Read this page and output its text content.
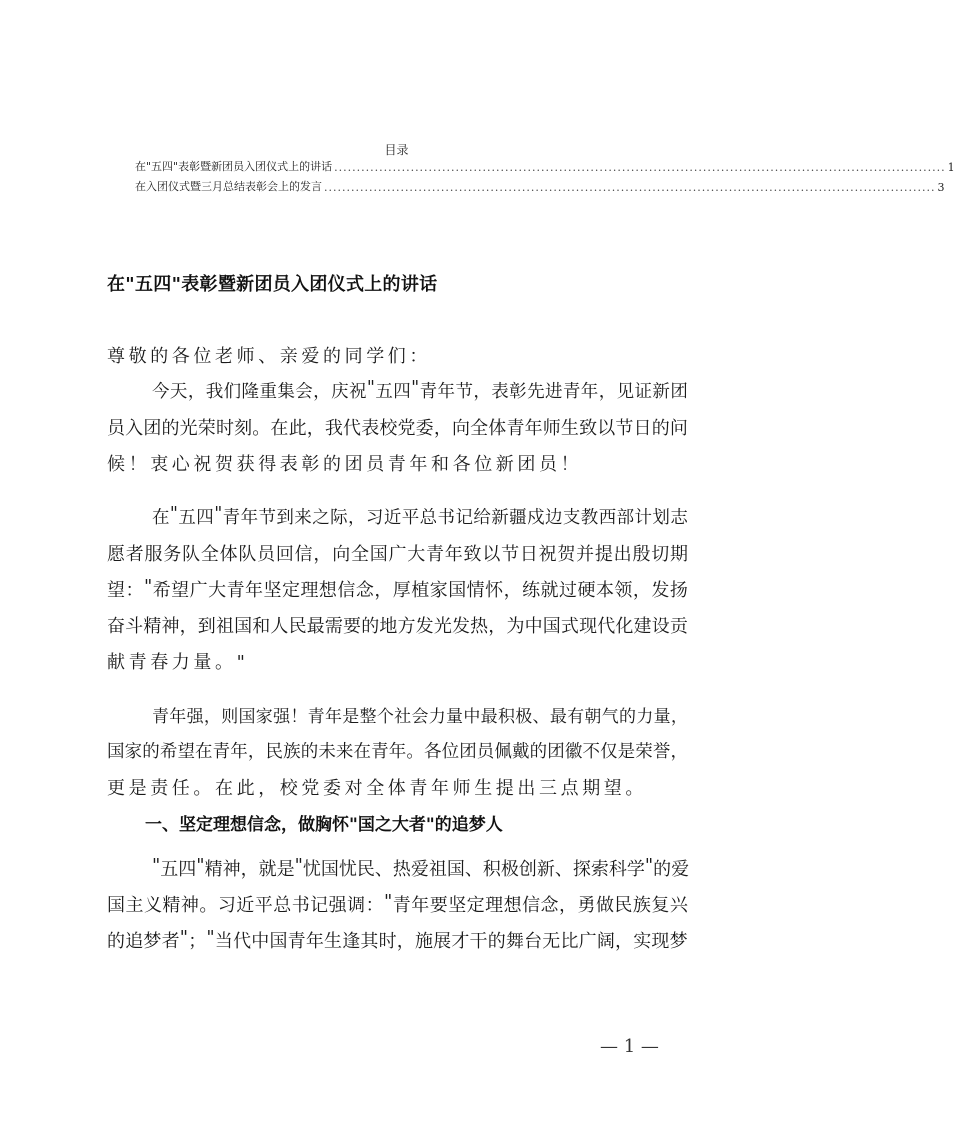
目录
在"五四"表彰暨新团员入团仪式上的讲话 ........................................................................................................................................ 1
在入团仪式暨三月总结表彰会上的发言 ........................................................................................................................................ 3
在"五四"表彰暨新团员入团仪式上的讲话
尊敬的各位老师、亲爱的同学们：
今 天 ， 我 们 隆 重 集 会 ， 庆 祝 " 五 四 " 青 年 节 ， 表 彰 先 进 青 年 ， 见 证 新 团
员 入 团 的 光 荣 时 刻 。 在 此 ， 我 代 表 校 党 委 ， 向 全 体 青 年 师 生 致 以 节 日 的 问
候！衷心祝贺获得表彰的团员青年和各位新团员！
在 " 五 四 " 青 年 节 到 来 之 际 ， 习 近 平 总 书 记 给 新 疆 戍 边 支 教 西 部 计 划 志
愿 者 服 务 队 全 体 队 员 回 信 ， 向 全 国 广 大 青 年 致 以 节 日 祝 贺 并 提 出 殷 切 期
望 ： " 希 望 广 大 青 年 坚 定 理 想 信 念 ， 厚 植 家 国 情 怀 ， 练 就 过 硬 本 领 ， 发 扬
奋 斗 精 神 ， 到 祖 国 和 人 民 最 需 要 的 地 方 发 光 发 热 ， 为 中 国 式 现 代 化 建 设 贡
献青春力量。"
青 年 强 ， 则 国 家 强 ！ 青 年 是 整 个 社 会 力 量 中 最 积 极 、 最 有 朝 气 的 力 量 ，
国 家 的 希 望 在 青 年 ， 民 族 的 未 来 在 青 年 。 各 位 团 员 佩 戴 的 团 徽 不 仅 是 荣 誉 ，
更是责任。在此，校党委对全体青年师生提出三点期望。
一、坚定理想信念，做胸怀"国之大者"的追梦人
" 五 四 " 精 神 ， 就 是 " 忧 国 忧 民 、 热 爱 祖 国 、 积 极 创 新 、 探 索 科 学 " 的 爱
国 主 义 精 神 。 习 近 平 总 书 记 强 调 ： " 青 年 要 坚 定 理 想 信 念 ， 勇 做 民 族 复 兴
的 追 梦 者 " ； " 当 代 中 国 青 年 生 逢 其 时 ， 施 展 才 干 的 舞 台 无 比 广 阔 ， 实 现 梦
— 1 —
